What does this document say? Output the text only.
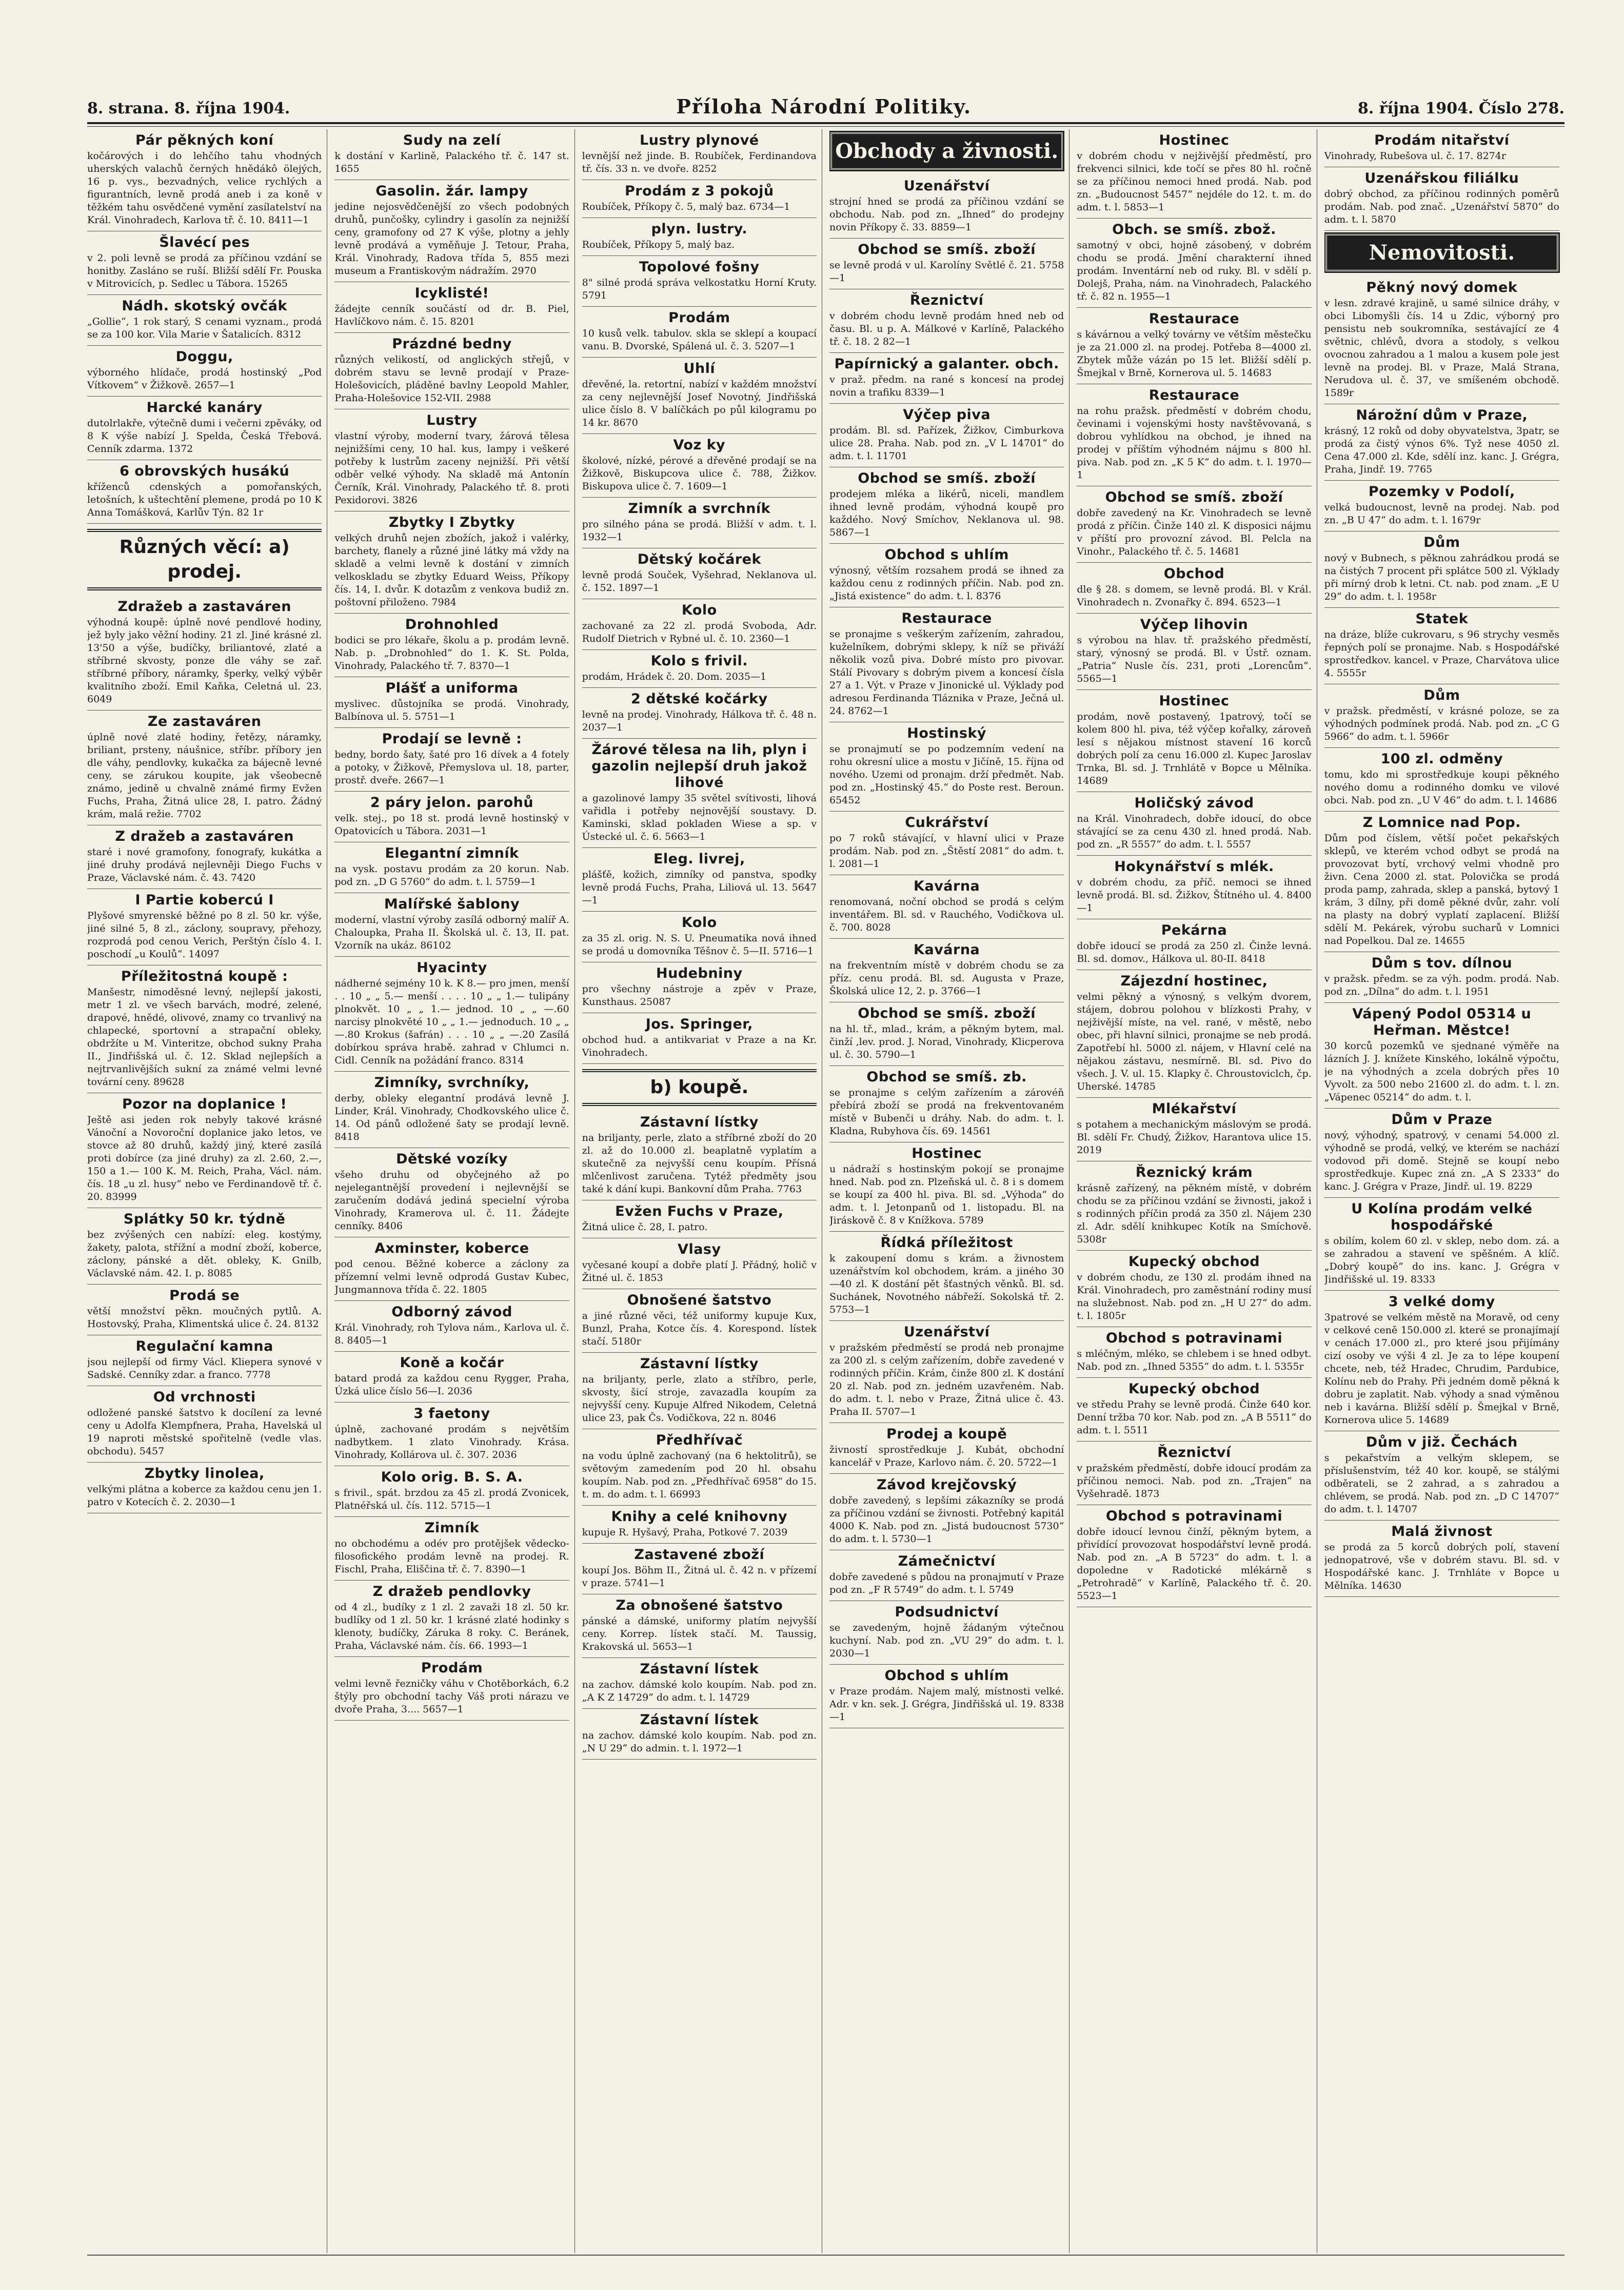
8. strana. 8. října 1904.	Příloha Národní Politiky.	8. října 1904. Číslo 278.
Pár pěkných koní
kočárových i do lehčího tahu vhodných uherských valachů černých hnědákô ölejých, 16 p. vys., bezvadných, velice rychlých a figurantních, levně prodá aneb i za koně v těžkém tahu osvědčené vymění zasílatelství na Král. Vinohradech, Karlova tř. č. 10. 8411—1
Šlavécí pes
v 2. poli levně se prodá za příčinou vzdání se honitby. Zasláno se ruší. Bližší sdělí Fr. Pouska v Mitrovicích, p. Sedlec u Tábora. 15265
Nádh. skotský ovčák
„Gollie“, 1 rok starý, S cenami vyznam., prodá se za 100 kor. Vila Marie v Šatalicích. 8312
Doggu,
výborného hlídače, prodá hostinský „Pod Vítkovem“ v Žižkově. 2657—1
Harcké kanáry
dutolrlakře, výtečně dumi i večerni zpěváky, od 8 K výše nabízí J. Spelda, Česká Třebová. Cenník zdarma. 1372
6 obrovských husákú
kříženců cdenských a pomořanských, letošních, k uštechtění plemene, prodá po 10 K Anna Tomášková, Karlův Týn. 82 1r
Různých věcí: a) prodej.
Zdražeb a zastaváren
výhodná koupě: úplně nové pendlové hodiny, jež byly jako věžní hodiny. 21 zl. Jiné krásné zl. 13'50 a výše, budíčky, briliantové, zlaté a stříbrné skvosty, ponze dle váhy se zař. stříbrné příbory, náramky, šperky, velký výběr kvalitního zboží. Emil Kaňka, Celetná ul. 23. 6049
Ze zastaváren
úplně nové zlaté hodiny, řetězy, náramky, briliant, prsteny, náušnice, stříbr. příbory jen dle váhy, pendlovky, kukačka za bájecně levné ceny, se zárukou koupite, jak všeobecně známo, jedině u chvalně známé firmy Evžen Fuchs, Praha, Žitná ulice 28, I. patro. Žádný krám, malá režie. 7702
Z dražeb a zastaváren
staré i nové gramofony, fonografy, kukátka a jiné druhy prodává nejlevněji Diego Fuchs v Praze, Václavské nám. č. 43. 7420
I Partie kobercú I
Plyšové smyrenské běžné po 8 zl. 50 kr. výše, jiné silné 5, 8 zl., záclony, soupravy, přehozy, rozprodá pod cenou Verich, Perštýn číslo 4. I. poschodí „u Koulů“. 14097
Příležitostná koupě :
Manšestr, nimoděsné levný, nejlepší jakosti, metr 1 zl. ve všech barvách, modré, zelené, drapové, hnědé, olivové, znamy co trvanlivý na chlapecké, sportovní a strapační obleky, obdržíte u M. Vinteritze, obchod sukny Praha II., Jindřišská ul. č. 12. Sklad nejlepších a nejtrvanlivějších sukní za známé velmi levné tovární ceny. 89628
Pozor na doplanice !
Ještě asi jeden rok nebyly takové krásné Vánoční a Novoroční doplanice jako letos, ve stovce až 80 druhů, každý jiný, které zasílá proti dobírce (za jiné druhy) za zl. 2.60, 2.—, 150 a 1.— 100 K. M. Reich, Praha, Václ. nám. čís. 18 „u zl. husy“ nebo ve Ferdinandově tř. č. 20. 83999
Splátky 50 kr. týdně
bez zvýšených cen nabízí: eleg. kostýmy, žakety, palota, střížní a modní zboží, koberce, záclony, pánské a dět. obleky, K. Gnilb, Václavské nám. 42. I. p. 8085
Prodá se
větší množství pěkn. moučných pytlů. A. Hostovský, Praha, Klimentská ulice č. 24. 8132
Regulační kamna
jsou nejlepší od firmy Václ. Kliepera synové v Sadské. Cenníky zdar. a franco. 7778
Od vrchnosti
odložené panské šatstvo k docílení za levné ceny u Adolfa Klempfnera, Praha, Havelská ul 19 naproti městské spořitelně (vedle vlas. obchodu). 5457
Zbytky linolea,
velkými plátna a koberce za každou cenu jen 1. patro v Kotecích č. 2. 2030—1
Sudy na zelí
k dostání v Karlině, Palackého tř. č. 147 st. 1655
Gasolin. žár. lampy
jedine nejosvědčenější zo všech podobných druhů, punčošky, cylindry i gasolín za nejnižší ceny, gramofony od 27 K výše, plotny a jehly levně prodává a vyměňuje J. Tetour, Praha, Král. Vinohrady, Radova třída 5, 855 mezi museum a Frantiskovým nádražím. 2970
Icyklisté!
žádejte cenník součástí od dr. B. Piel, Havlíčkovo nám. č. 15. 8201
Prázdné bedny
různých velikostí, od anglických střejů, v dobrém stavu se levně prodají v Praze-Holešovicích, pláděné bavlny Leopold Mahler, Praha-Holešovice 152-VII. 2988
Lustry
vlastní výroby, moderní tvary, žárová tělesa nejnižšími ceny, 10 hal. kus, lampy i veškeré potřeby k lustrům zaceny nejnižší. Při větší odběr velké výhody. Na skladě má Antonín Černík, Král. Vinohrady, Palackého tř. 8. proti Pexidorovi. 3826
Zbytky I Zbytky
velkých druhů nejen zbožích, jakož i valérky, barchety, flanely a různé jiné látky má vždy na skladě a velmi levně k dostání v zimních velkoskladu se zbytky Eduard Weiss, Příkopy čís. 14, I. dvůr. K dotazům z venkova budiž zn. poštovní přiloženo. 7984
Drohnohled
bodici se pro lékaře, školu a p. prodám levně. Nab. p. „Drobnohled“ do 1. K. St. Polda, Vinohrady, Palackého tř. 7. 8370—1
Plášť a uniforma
myslivec. důstojníka se prodá. Vinohrady, Balbínova ul. 5. 5751—1
Prodají se levně :
bedny, bordo šaty, šaté pro 16 dívek a 4 fotely a potoky, v Žižkově, Přemyslova ul. 18, parter, prostř. dveře. 2667—1
2 páry jelon. parohů
velk. stej., po 18 st. prodá levně hostinský v Opatovicích u Tábora. 2031—1
Elegantní zimník
na vysk. postavu prodám za 20 korun. Nab. pod zn. „D G 5760“ do adm. t. l. 5759—1
Malířské šablony
moderní, vlastní výroby zasílá odborný malíř A. Chaloupka, Praha II. Školská ul. č. 13, II. pat. Vzorník na ukáz. 86102
Hyacinty
nádherné sejmény 10 k. K 8.— pro jmen, menší . . 10 „ „ 5.— menší . . . . 10 „ „ 1.— tulipány plnokvět. 10 „ „ 1.— jednod. 10 „ „ —.60 narcisy plnokvěté 10 „ „ 1.— jednoduch. 10 „ „ —.80 Krokus (šafrán) . . . 10 „ „ —.20 Zasílá dobírkou správa hrabě. zahrad v Chlumci n. Cidl. Cenník na požádání franco. 8314
Zimníky, svrchníky,
derby, obleky elegantní prodává levně J. Linder, Král. Vinohrady, Chodkovského ulice č. 14. Od pánů odložené šaty se prodají levně. 8418
Dětské vozíky
všeho druhu od obyčejného až po nejelegantnější provedení i nejlevnější se zaručením dodává jediná specielní výroba Vinohrady, Kramerova ul. č. 11. Žádejte cenníky. 8406
Axminster, koberce
pod cenou. Běžné koberce a záclony za přízemní velmi levně odprodá Gustav Kubec, Jungmannova třída č. 22. 1805
Odborný závod
Král. Vinohrady, roh Tylova nám., Karlova ul. č. 8. 8405—1
Koně a kočár
batard prodá za každou cenu Rygger, Praha, Úzká ulice číslo 56—I. 2036
3 faetony
úplně, zachované prodám s největším nadbytkem. 1 zlato Vinohrady. Krása. Vinohrady, Kollárova ul. č. 307. 2036
Kolo orig. B. S. A.
s frivil., spát. brzdou za 45 zl. prodá Zvonicek, Platnéřská ul. čís. 112. 5715—1
Zimník
no obchodému a odév pro protějšek vědecko-filosofického prodám levně na prodej. R. Fischl, Praha, Eliščina tř. č. 7. 8390—1
Z dražeb pendlovky
od 4 zl., budíky z 1 zl. 2 zavaži 18 zl. 50 kr. budlíky od 1 zl. 50 kr. 1 krásné zlaté hodinky s klenoty, budíčky, Záruka 8 roky. C. Beránek, Praha, Václavské nám. čís. 66. 1993—1
Prodám
velmi levně řezničky váhu v Chotěborkách, 6.2 štýly pro obchodní tachy Váš proti nárazu ve dvoře Praha, 3.... 5657—1
Lustry plynové
levnější než jinde. B. Roubíček, Ferdinandova tř. čís. 33 n. ve dvoře. 8252
Prodám z 3 pokojů
Roubíček, Příkopy č. 5, malý baz. 6734—1
plyn. lustry.
Roubíček, Příkopy 5, malý baz.
Topolové fošny
8" silné prodá správa velkostatku Horní Kruty. 5791
Prodám
10 kusů velk. tabulov. skla se sklepí a koupací vanu. B. Dvorské, Spálená ul. č. 3. 5207—1
Uhlí
dřevěné, la. retortní, nabízí v každém množství za ceny nejlevnější Josef Novotný, Jindřišská ulice číslo 8. V balíčkách po půl kilogramu po 14 kr. 8670
Voz ky
školové, nízké, pérové a dřevěné prodají se na Žižkově, Biskupcova ulice č. 788, Žižkov. Biskupova ulice č. 7. 1609—1
Zimník a svrchník
pro silného pána se prodá. Bližší v adm. t. l. 1932—1
Dětský kočárek
levně prodá Souček, Vyšehrad, Neklanova ul. č. 152. 1897—1
Kolo
zachované za 22 zl. prodá Svoboda, Adr. Rudolf Dietrich v Rybné ul. č. 10. 2360—1
Kolo s frivil.
prodám, Hrádek č. 20. Dom. 2035—1
2 dětské kočárky
levně na prodej. Vinohrady, Hálkova tř. č. 48 n. 2037—1
Žárové tělesa na lih, plyn i gazolin nejlepší druh jakož lihové
a gazolinové lampy 35 světel svítivosti, lihová vařidla i potřeby nejnovější soustavy. D. Kaminski, sklad pokladen Wiese a sp. v Ústecké ul. č. 6. 5663—1
Eleg. livrej,
plášťě, kožich, zimníky od panstva, spodky levně prodá Fuchs, Praha, Liliová ul. 13. 5647—1
Kolo
za 35 zl. orig. N. S. U. Pneumatika nová ihned se prodá u domovníka Těšnov č. 5—II. 5716—1
Hudebniny
pro všechny nástroje a zpěv v Praze, Kunsthaus. 25087
Jos. Springer,
obchod hud. a antikvariat v Praze a na Kr. Vinohradech.
b) koupě.
Zástavní lístky
na briljanty, perle, zlato a stříbrné zboží do 20 zl. až do 10.000 zl. beaplatně vyplatím a skutečně za nejvyšší cenu koupím. Přísná mlčenlivost zaručena. Tytéž předměty jsou také k dání kupi. Bankovní dům Praha. 7763
Evžen Fuchs v Praze,
Žitná ulice č. 28, I. patro.
Vlasy
vyčesané koupí a dobře platí J. Přádný, holič v Žitné ul. č. 1853
Obnošené šatstvo
a jiné různé věci, též uniformy kupuje Kux, Bunzl, Praha, Kotce čís. 4. Korespond. lístek stačí. 5180r
Zástavní lístky
na briljanty, perle, zlato a stříbro, perle, skvosty, šicí stroje, zavazadla koupím za nejvyšší ceny. Kupuje Alfred Nikodem, Celetná ulice 23, pak Čs. Vodičkova, 22 n. 8046
Předhřívač
na vodu úplně zachovaný (na 6 hektolitrů), se světovým zamedením pod 20 hl. obsahu koupím. Nab. pod zn. „Předhřívač 6958“ do 15. t. m. do adm. t. l. 66993
Knihy a celé knihovny
kupuje R. Hyšavý, Praha, Potkové 7. 2039
Zastavené zboží
koupí Jos. Böhm II., Žitná ul. č. 42 n. v přízemí v praze. 5741—1
Za obnošené šatstvo
pánské a dámské, uniformy platím nejvyšší ceny. Korrep. lístek stačí. M. Taussig, Krakovská ul. 5653—1
Zástavní lístek
na zachov. dámské kolo koupím. Nab. pod zn. „A K Z 14729“ do adm. t. l. 14729
Zástavní lístek
na zachov. dámské kolo koupím. Nab. pod zn. „N U 29“ do admin. t. l. 1972—1
Obchody a živnosti.
Uzenářství
strojní hned se prodá za příčinou vzdání se obchodu. Nab. pod zn. „Ihned“ do prodejny novin Příkopy č. 33. 8859—1
Obchod se smíš. zboží
se levně prodá v ul. Karolíny Světlé č. 21. 5758—1
Řeznictví
v dobrém chodu levně prodám hned neb od času. Bl. u p. A. Málkové v Karlíně, Palackého tř. č. 18. 2 82—1
Papírnický a galanter. obch.
v praž. předm. na rané s koncesí na prodej novin a trafiku 8339—1
Výčep piva
prodám. Bl. sd. Pařízek, Žižkov, Cimburkova ulice 28. Praha. Nab. pod zn. „V L 14701“ do adm. t. l. 11701
Obchod se smíš. zboží
prodejem mléka a likérů, niceli, mandlem ihned levně prodám, výhodná koupě pro každého. Nový Smíchov, Neklanova ul. 98. 5867—1
Obchod s uhlím
výnosný, větším rozsahem prodá se ihned za každou cenu z rodinných příčin. Nab. pod zn. „Jistá existence“ do adm. t. l. 8376
Restaurace
se pronajme s veškerým zařízením, zahradou, kuželníkem, dobrými sklepy, k níž se přiváží několik vozů piva. Dobré místo pro pivovar. Stálí Pivovary s dobrým pivem a koncesí čísla 27 a 1. Výt. v Praze v Jinonické ul. Výklady pod adresou Ferdinanda Tláznika v Praze, Ječná ul. 24. 8762—1
Hostinský
se pronajmutí se po podzemním vedení na rohu okresní ulice a mostu v Jičíně, 15. října od nového. Uzemi od pronajm. drží předmět. Nab. pod zn. „Hostinský 45.“ do Poste rest. Beroun. 65452
Cukrářství
po 7 roků stávající, v hlavní ulici v Praze prodám. Nab. pod zn. „Štěstí 2081“ do adm. t. l. 2081—1
Kavárna
renomovaná, noční obchod se prodá s celým inventářem. Bl. sd. v Rauchého, Vodičkova ul. č. 700. 8028
Kavárna
na frekventním místě v dobrém chodu se za příz. cenu prodá. Bl. sd. Augusta v Praze, Školská ulice 12, 2. p. 3766—1
Obchod se smíš. zboží
na hl. tř., mlad., krám, a pěkným bytem, mal. činží ,lev. prod. J. Norad, Vinohrady, Klicperova ul. č. 30. 5790—1
Obchod se smíš. zb.
se pronajme s celým zařízením a zárovéň přebírá zboží se prodá na frekventovaném místě v Bubenči u dráhy. Nab. do adm. t. l. Kladna, Rubyhova čís. 69. 14561
Hostinec
u nádraží s hostinským pokojí se pronajme hned. Nab. pod zn. Plzeňská ul. č. 8 i s domem se koupí za 400 hl. piva. Bl. sd. „Výhoda“ do adm. t. l. Jetonpanů od 1. listopadu. Bl. na Jiráskově č. 8 v Knížkova. 5789
Řídká příležitost
k zakoupení domu s krám. a živnostem uzenářstvím kol obchodem, krám. a jiného 30—40 zl. K dostání pět šťastných věnků. Bl. sd. Suchánek, Novotného nábřeží. Sokolská tř. 2. 5753—1
Uzenářství
v pražském předměstí se prodá neb pronajme za 200 zl. s celým zařízením, dobře zavedené v rodinných příčin. Krám, činže 800 zl. K dostání 20 zl. Nab. pod zn. jedném uzavřeném. Nab. do adm. t. l. nebo v Praze, Žitná ulice č. 43. Praha II. 5707—1
Prodej a koupě
živností sprostředkuje J. Kubát, obchodní kancelář v Praze, Karlovo nám. č. 20. 5722—1
Závod krejčovský
dobře zavedený, s lepšími zákazníky se prodá za příčinou vzdání se živnosti. Potřebný kapitál 4000 K. Nab. pod zn. „Jistá budoucnost 5730“ do adm. t. l. 5730—1
Zámečnictví
dobře zavedené s půdou na pronajmutí v Praze pod zn. „F R 5749“ do adm. t. l. 5749
Podsudnictví
se zavedeným, hojně žádaným výtečnou kuchyní. Nab. pod zn. „VU 29“ do adm. t. l. 2030—1
Obchod s uhlím
v Praze prodám. Najem malý, místnosti velké. Adr. v kn. sek. J. Grégra, Jindřišská ul. 19. 8338—1
Hostinec
v dobrém chodu v nejživější předměstí, pro frekvenci silnici, kde točí se přes 80 hl. ročně se za příčinou nemoci hned prodá. Nab. pod zn. „Budoucnost 5457“ nejdéle do 12. t. m. do adm. t. l. 5853—1
Obch. se smíš. zbož.
samotný v obci, hojně zásobený, v dobrém chodu se prodá. Jmění charakterní ihned prodám. Inventární neb od ruky. Bl. v sdělí p. Dolejš, Praha, nám. na Vinohradech, Palackého tř. č. 82 n. 1955—1
Restaurace
s kávárnou a velký továrny ve větším městečku je za 21.000 zl. na prodej. Potřeba 8—4000 zl. Zbytek může vázán po 15 let. Bližší sdělí p. Šmejkal v Brně, Kornerova ul. 5. 14683
Restaurace
na rohu pražsk. předměstí v dobrém chodu, čevinami i vojenskými hosty navštěvovaná, s dobrou vyhlídkou na obchod, je ihned na prodej v příštím výhodném nájmu s 800 hl. piva. Nab. pod zn. „K 5 K“ do adm. t. l. 1970—1
Obchod se smíš. zboží
dobře zavedený na Kr. Vinohradech se levně prodá z příčin. Činže 140 zl. K disposici nájmu v příští pro provozní závod. Bl. Pelcla na Vinohr., Palackého tř. č. 5. 14681
Obchod
dle § 28. s domem, se levně prodá. Bl. v Král. Vinohradech n. Zvonařky č. 894. 6523—1
Výčep lihovin
s výrobou na hlav. tř. pražského předměstí, starý, výnosný se prodá. Bl. v Ústř. oznam. „Patria“ Nusle čís. 231, proti „Lorencům“. 5565—1
Hostinec
prodám, nově postavený, 1patrový, točí se kolem 800 hl. piva, též výčep kořalky, zároveň lesí s nějakou místnost stavení 16 korců dobrých polí za cenu 16.000 zl. Kupec Jaroslav Trnka, Bl. sd. J. Trnhlátě v Bopce u Mělníka. 14689
Holičský závod
na Král. Vinohradech, dobře idoucí, do obce stávající se za cenu 430 zl. hned prodá. Nab. pod zn. „R 5557“ do adm. t. l. 5557
Hokynářství s mlék.
v dobrém chodu, za příč. nemoci se ihned levně prodá. Bl. sd. Žižkov, Štítného ul. 4. 8400—1
Pekárna
dobře idoucí se prodá za 250 zl. Činže levná. Bl. sd. domov., Hálkova ul. 80-II. 8418
Zájezdní hostinec,
velmi pěkný a výnosný, s velkým dvorem, stájem, dobrou polohou v blízkosti Prahy, v nejživější míste, na vel. rané, v městě, nebo obec, při hlavní silnici, pronajme se neb prodá. Zapotřebí hl. 5000 zl. nájem, v Hlavní celé na nějakou zástavu, nesmírně. Bl. sd. Pivo do všech. J. V. ul. 15. Klapky č. Chroustoviclch, čp. Uherské. 14785
Mlékařství
s potahem a mechanickým máslovým se prodá. Bl. sdělí Fr. Chudý, Žižkov, Harantova ulice 15. 2019
Řeznický krám
krásně zařízený, na pěkném místě, v dobrém chodu se za příčinou vzdání se živnosti, jakož i s rodinných příčin prodá za 350 zl. Nájem 230 zl. Adr. sdělí knihkupec Kotík na Smíchově. 5308r
Kupecký obchod
v dobrém chodu, ze 130 zl. prodám ihned na Král. Vinohradech, pro zaměstnání rodiny musí na služebnost. Nab. pod zn. „H U 27“ do adm. t. l. 1805r
Obchod s potravinami
s mléčným, mléko, se chlebem i se hned odbyt. Nab. pod zn. „Ihned 5355“ do adm. t. l. 5355r
Kupecký obchod
ve středu Prahy se levně prodá. Činže 640 kor. Denní tržba 70 kor. Nab. pod zn. „A B 5511“ do adm. t. l. 5511
Řeznictví
v pražském předměstí, dobře idoucí prodám za příčinou nemoci. Nab. pod zn. „Trajen“ na Vyšehradě. 1873
Obchod s potravinami
dobře idoucí levnou činží, pěkným bytem, a přivídící provozovat hospodářství levně prodá. Nab. pod zn. „A B 5723“ do adm. t. l. a dopoledne v Radotické mlékárně s „Petrohradě“ v Karlíně, Palackého tř. č. 20. 5523—1
Prodám nitařství
Vinohrady, Rubešova ul. č. 17. 8274r
Uzenářskou filiálku
dobrý obchod, za příčinou rodinných poměrů prodám. Nab. pod znač. „Uzenářství 5870“ do adm. t. l. 5870
Nemovitosti.
Pěkný nový domek
v lesn. zdravé krajině, u samé silnice dráhy, v obci Libomyšli čís. 14 u Zdic, výborný pro pensistu neb soukromníka, sestávající ze 4 světnic, chlévů, dvora a stodoly, s velkou ovocnou zahradou a 1 malou a kusem pole jest levně na prodej. Bl. v Praze, Malá Strana, Nerudova ul. č. 37, ve smíšeném obchodě. 1589r
Nárožní dům v Praze,
krásný, 12 roků od doby obyvatelstva, 3patr, se prodá za čistý výnos 6%. Tyž nese 4050 zl. Cena 47.000 zl. Kde, sdělí inz. kanc. J. Grégra, Praha, Jindř. 19. 7765
Pozemky v Podolí,
velká budoucnost, levně na prodej. Nab. pod zn. „B U 47“ do adm. t. l. 1679r
Dům
nový v Bubnech, s pěknou zahrádkou prodá se na čistých 7 procent při splátce 500 zl. Výklady při mírný drob k letni. Ct. nab. pod znam. „E U 29“ do adm. t. l. 1958r
Statek
na dráze, blíže cukrovaru, s 96 strychy vesměs řepných polí se pronajme. Nab. s Hospodářské sprostředkov. kancel. v Praze, Charvátova ulice 4. 5555r
Dům
v pražsk. předměstí, v krásné poloze, se za výhodných podmínek prodá. Nab. pod zn. „C G 5966“ do adm. t. l. 5966r
100 zl. odměny
tomu, kdo mi sprostředkuje koupi pěkného nového domu a rodinného domku ve vilové obci. Nab. pod zn. „U V 46“ do adm. t. l. 14686
Z Lomnice nad Pop.
Dům pod číslem, větší počet pekařských sklepů, ve kterém vchod odbyt se prodá na provozovat bytí, vrchový velmi vhodně pro živn. Cena 2000 zl. stat. Polovička se prodá proda pamp, zahrada, sklep a panská, bytový 1 krám, 3 dílny, při domě pěkné dvůr, zahr. volí na plasty na dobrý vyplatí zaplacení. Bližší sdělí M. Pekárek, výrobu sucharů v Lomnici nad Popelkou. Dal ze. 14655
Dům s tov. dílnou
v pražsk. předm. se za výh. podm. prodá. Nab. pod zn. „Dílna“ do adm. t. l. 1951
Vápený Podol 05314 u Heřman. Městce!
30 korců pozemků ve sjednané výměře na lázních J. J. knížete Kinského, lokálně výpočtu, je na výhodných a zcela dobrých přes 10 Vyvolt. za 500 nebo 21600 zl. do adm. t. l. zn. „Vápenec 05214“ do adm. t. l.
Dům v Praze
nový, výhodný, spatrový, v cenami 54.000 zl. výhodně se prodá, velký, ve kterém se nachází vodovod při domě. Stejně se koupí nebo sprostředkuje. Kupec zná zn. „A S 2333“ do kanc. J. Grégra v Praze, Jindř. ul. 19. 8229
U Kolína prodám velké hospodářské
s obilím, kolem 60 zl. v sklep, nebo dom. zá. a se zahradou a stavení ve spěšném. A klíč. „Dobrý koupě“ do ins. kanc. J. Grégra v Jindřišské ul. 19. 8333
3 velké domy
3patrové se velkém městě na Moravě, od ceny v celkové ceně 150.000 zl. které se pronajímají v cenách 17.000 zl., pro které jsou přijímány cizí osoby ve výši 4 zl. Je za to lépe koupení chcete, neb, též Hradec, Chrudim, Pardubice, Kolínu neb do Prahy. Při jedném domě pěkná k dobru je zaplatit. Nab. výhody a snad výměnou neb i kavárna. Bližší sdělí p. Šmejkal v Brně, Kornerova ulice 5. 14689
Dům v již. Čechách
s pekařstvím a velkým sklepem, se příslušenstvím, též 40 kor. koupě, se stálými odběrateli, se 2 zahrad, a s zahradou a chlévem, se prodá. Nab. pod zn. „D C 14707“ do adm. t. l. 14707
Malá živnost
se prodá za 5 korců dobrých polí, stavení jednopatrové, vše v dobrém stavu. Bl. sd. v Hospodářské kanc. J. Trnhláte v Bopce u Mělníka. 14630
